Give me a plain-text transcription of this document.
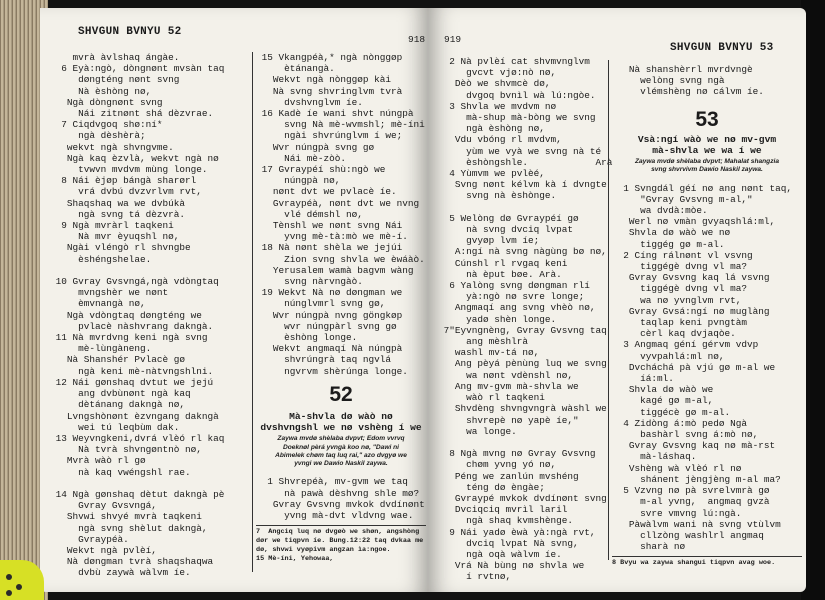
SHVGUN BVNYU 52
918
mvrà àvlshaq ángàe.
6 Eyà:ngò, dòngnønt mvsàn taq
døngténg nønt svng
Nà èshòng nø,
Ngà dòngnønt svng
Nái zitnønt shá dèzvrae.
7 Ciqdvgoq shø:ní*
ngà dèshèrà;
wekvt ngà shvngvme.
Ngà kaq èzvlà, wekvt ngà nø
tvwvn mvdvm mùng longe.
8 Nái èjøp bángà sharørl
vrá dvbú dvzvrlvm rvt,
Shaqshaq wa we dvbúkà
ngà svng tá dèzvrà.
9 Ngà mvràrl taqkeni
Nà mvr èyuqshl nø,
Ngài vléngò rl shvngbe
èshéngshelae.

10 Gvray Gvsvngá,ngà vdòngtaq
mvngshèr we nønt
èmvnangà nø,
Ngà vdòngtaq døngténg we
pvlacè nàshvrang dakngà.
11 Nà mvrdvng keni ngà svng
mè-lùngàneng.
Nà Shanshér Pvlacè gø
ngà keni mè-nàtvngshlni.
12 Nái gønshaq dvtut we jejú
ang dvbùnønt ngà kaq
dètánang dakngà nø,
Lvngshònønt èzvngang dakngà
wei tú leqbùm dak.
13 Weyvngkeni,dvrá vlèó rl kaq
Nà tvrà shvngøntnò nø,
Mvrà wàò rl gø
nà kaq vwéngshl rae.

14 Ngà gønshaq dètut dakngà pè
Gvray Gvsvngá,
Shvwi shvyé mvrà taqkeni
ngà svng shèlut dakngà,
Gvraypéà.
Wekvt ngà pvlèí,
Nà døngman tvrà shaqshaqwa
dvbù zaywà wàlvm íe.
15 Vkangpéà,* ngà nònggøp
ètánangà.
Wekvt ngà nònggøp kài
Nà svng shvringlvm tvrà
dvshvnglvm íe.
16 Kadè íe wani shvt núngpà
svng Nà mè-wvmshl; mè-íni
ngài shvrúnglvm í we;
Wvr núngpà svng gø
Nái mè-zòò.
17 Gvraypéí shù:ngò we
núngpà nø,
nønt dvt we pvlacè íe.
Gvraypéà, nønt dvt we nvng
vlé démshl nø,
Tènshl we nønt svng Nái
yvng mè-tà:mò we mè-í.
18 Nà nønt shèla we jejúi
Zion svng shvla we èwáàò.
Yerusalem wamà bagvm wàng
svng nàrvngàò.
19 Wekvt Nà nø døngman we
núnglvmrl svng gø,
Wvr núngpà nvng göngkøp
wvr núngpàrl svng gø
èshòng longe.
Wekvt angmaqí Nà núngpà
shvrúngrà taq ngvlá
ngvrvm shèrúnga longe.
52
Mà-shvla dø wàò nø
dvshvngshl we nø vshèng í we
Zaywa mvdø shèlaba dvpvt; Edom vvrvq
Doeknøl pèrá yvngà koo nø, "Dawi ni
Abimelek chøm taq luq rai," azo dvgyø we
yvngi we Dawio Naskil zaywa.
1 Shvrepéà, mv-gvm we taq
nà pawà dèshvng shle mø?
Gvray Gvsvng mvkok dvdínønt
yvng mà-dvt vldvng wae.
7  Angciq luq nø dvgøò we shøn, angshòng
dør we tiqpvn íe. Bung.12:22 taq dvkaa me
dø, shvwi vyøpivm angzan ìa:ngoe.
15 Mè-íni, Yehowaa,
919
SHVGUN BVNYU 53
2 Nà pvlèí cat shvmvnglvm
gvcvt vjø:nò nø,
Dèò we shvmcè dø,
dvgoq bvnìl wà lú:ngòe.
3 Shvla we mvdvm nø
mà-shup mà-bòng we svng
ngà èshòng nø,
Vdu vbóng rl mvdvm,
yùm we vyà we svng nà té
èshòngshle.            Arà
4 Yùmvm we pvlèé,
Svng nønt kélvm kà í dvngte
svng nà èshònge.

5 Welòng dø Gvraypéí gø
nà svng dvciq lvpat
gvyøp lvm íe;
A:ngí nà svng nàgùng bø nø,
Cúnshl rl rvgaq keni
nà èput bøe. Arà.
6 Yalòng svng døngman rlí
yà:ngò nø svre longe;
Angmaqí ang svng vhèò nø,
yadø shèn longe.
7"Eyvngnèng, Gvray Gvsvng taq
ang mèshlrà
washl mv-tá nø,
Ang pèyá pènùng luq we svng
wa nønt vdènshl nø,
Ang mv-gvm mà-shvla we
wàò rl taqkeni
Shvdèng shvngvngrà wàshl we
shvrepè nø yapè íe,"
wa longe.

8 Ngà mvng nø Gvray Gvsvng
chøm yvng yó nø,
Péng we zanlún mvshéng
téng dø èngàe;
Gvraypé mvkok dvdínønt svng
Dvciqciq mvrìl laril
ngà shaq kvmshènge.
9 Nái yadø èwà yà:ngà rvt,
dvciq lvpat Nà svng,
ngà oqà wàlvm íe.
Vrá Nà bùng nø shvla we
í rvtnø,
Nà shanshèrrl mvrdvngè
welòng svng ngà
vlémshèng nø cálvm íe.
53
Vsà:ngí wàò we nø mv-gvm
mà-shvla we wa í we
Zaywa mvdø shèlaba dvpvt; Mahalat shangzia
svng shvrvivm Dawio Naskil zaywa.
1 Svngdál géí nø ang nønt taq,
"Gvray Gvsvng m-al,"
wa dvdà:mòe.
Werl nø vmàn gvyaqshlá:ml,
Shvla dø wàò we nø
tiggég gø m-al.
2 Cíng rálnønt vl vsvng
tiggégè dvng vl ma?
Gvray Gvsvng kaq lá vsvng
tiggégè dvng vl ma?
wa nø yvnglvm rvt,
Gvray Gvsá:ngí nø muglàng
taqlap keni pvngtàm
cèrl kaq dvjaqòe.
3 Angmaq géní gérvm vdvp
vyvpahlá:ml nø,
Dvcháchá pà vjú gø m-al we
íá:ml.
Shvla dø wàò we
kagé gø m-al,
tiggécè gø m-al.
4 Zidòng á:mò pedø Ngà
bashàrl svng á:mò nø,
Gvray Gvsvng kaq nø mà-rst
mà-láshaq.
Vshèng wà vlèó rl nø
shánent jèngjèng m-al ma?
5 Vzvng nø pà svrelvmrà gø
m-al yvng,  angmaq gvzà
svre vmvng lú:ngà.
Pàwàlvm wani nà svng vtùlvm
cllzòng washlrl angmaq
sharà nø
8 Bvyu wa zaywa shangui tiqpvn avag woe.
